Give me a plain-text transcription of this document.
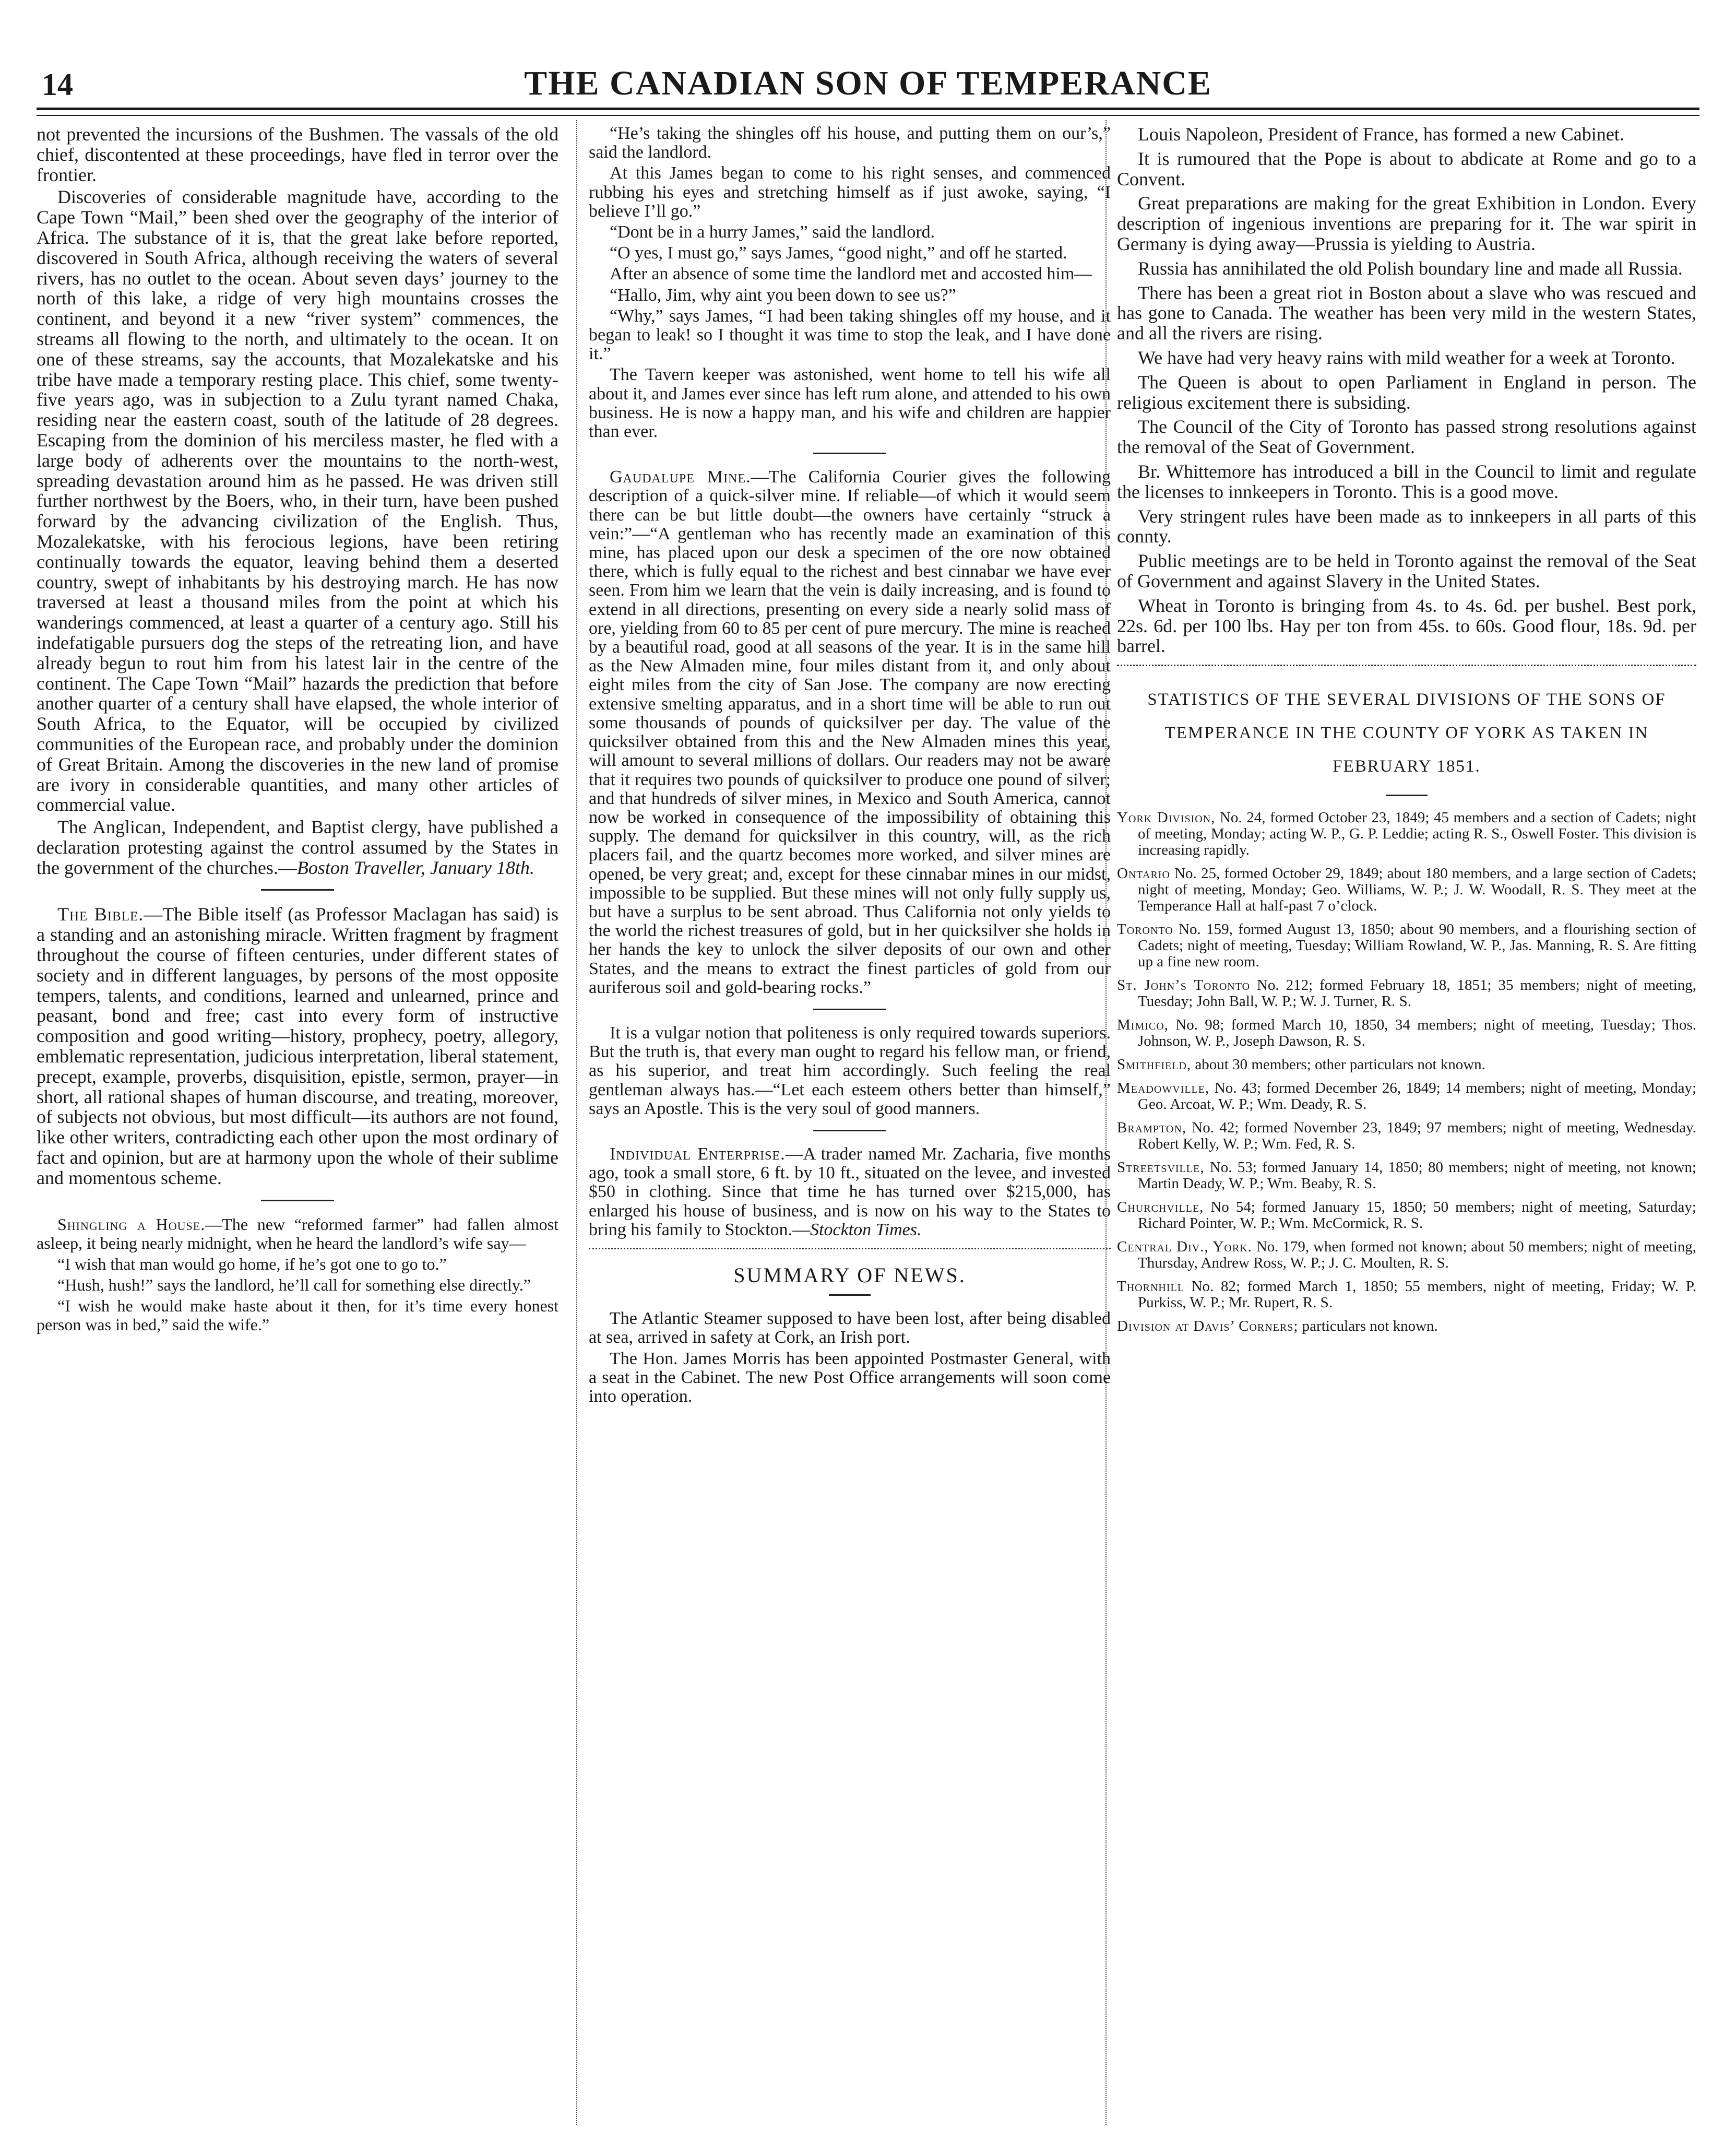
14	THE CANADIAN SON OF TEMPERANCE

not prevented the incursions of the Bushmen. The vassals of the old chief, discontented at these proceedings, have fled in terror over the frontier.

Discoveries of considerable magnitude have, according to the Cape Town “Mail,” been shed over the geography of the interior of Africa. The substance of it is, that the great lake before reported, discovered in South Africa, although receiving the waters of several rivers, has no outlet to the ocean. About seven days’ journey to the north of this lake, a ridge of very high mountains crosses the continent, and beyond it a new “river system” commences, the streams all flowing to the north, and ultimately to the ocean. It on one of these streams, say the accounts, that Mozalekatske and his tribe have made a temporary resting place. This chief, some twenty-five years ago, was in subjection to a Zulu tyrant named Chaka, residing near the eastern coast, south of the latitude of 28 degrees. Escaping from the dominion of his merciless master, he fled with a large body of adherents over the mountains to the north-west, spreading devastation around him as he passed. He was driven still further northwest by the Boers, who, in their turn, have been pushed forward by the advancing civilization of the English. Thus, Mozalekatske, with his ferocious legions, have been retiring continually towards the equator, leaving behind them a deserted country, swept of inhabitants by his destroying march. He has now traversed at least a thousand miles from the point at which his wanderings commenced, at least a quarter of a century ago. Still his indefatigable pursuers dog the steps of the retreating lion, and have already begun to rout him from his latest lair in the centre of the continent. The Cape Town “Mail” hazards the prediction that before another quarter of a century shall have elapsed, the whole interior of South Africa, to the Equator, will be occupied by civilized communities of the European race, and probably under the dominion of Great Britain. Among the discoveries in the new land of promise are ivory in considerable quantities, and many other articles of commercial value.

The Anglican, Independent, and Baptist clergy, have published a declaration protesting against the control assumed by the States in the government of the churches.—Boston Traveller, January 18th.

The Bible.—The Bible itself (as Professor Maclagan has said) is a standing and an astonishing miracle. Written fragment by fragment throughout the course of fifteen centuries, under different states of society and in different languages, by persons of the most opposite tempers, talents, and conditions, learned and unlearned, prince and peasant, bond and free; cast into every form of instructive composition and good writing—history, prophecy, poetry, allegory, emblematic representation, judicious interpretation, liberal statement, precept, example, proverbs, disquisition, epistle, sermon, prayer—in short, all rational shapes of human discourse, and treating, moreover, of subjects not obvious, but most difficult—its authors are not found, like other writers, contradicting each other upon the most ordinary of fact and opinion, but are at harmony upon the whole of their sublime and momentous scheme.

Shingling a House.—The new “reformed farmer” had fallen almost asleep, it being nearly midnight, when he heard the landlord’s wife say—

“I wish that man would go home, if he’s got one to go to.”

“Hush, hush!” says the landlord, he’ll call for something else directly.”

“I wish he would make haste about it then, for it’s time every honest person was in bed,” said the wife.”

“He’s taking the shingles off his house, and putting them on our’s,” said the landlord.

At this James began to come to his right senses, and commenced rubbing his eyes and stretching himself as if just awoke, saying, “I believe I’ll go.”

“Dont be in a hurry James,” said the landlord.

“O yes, I must go,” says James, “good night,” and off he started.

After an absence of some time the landlord met and accosted him—

“Hallo, Jim, why aint you been down to see us?”

“Why,” says James, “I had been taking shingles off my house, and it began to leak! so I thought it was time to stop the leak, and I have done it.”

The Tavern keeper was astonished, went home to tell his wife all about it, and James ever since has left rum alone, and attended to his own business. He is now a happy man, and his wife and children are happier than ever.

Gaudalupe Mine.—The California Courier gives the following description of a quick-silver mine. If reliable—of which it would seem there can be but little doubt—the owners have certainly “struck a vein:”—“A gentleman who has recently made an examination of this mine, has placed upon our desk a specimen of the ore now obtained there, which is fully equal to the richest and best cinnabar we have ever seen. From him we learn that the vein is daily increasing, and is found to extend in all directions, presenting on every side a nearly solid mass of ore, yielding from 60 to 85 per cent of pure mercury. The mine is reached by a beautiful road, good at all seasons of the year. It is in the same hill as the New Almaden mine, four miles distant from it, and only about eight miles from the city of San Jose. The company are now erecting extensive smelting apparatus, and in a short time will be able to run out some thousands of pounds of quicksilver per day. The value of the quicksilver obtained from this and the New Almaden mines this year, will amount to several millions of dollars. Our readers may not be aware that it requires two pounds of quicksilver to produce one pound of silver; and that hundreds of silver mines, in Mexico and South America, cannot now be worked in consequence of the impossibility of obtaining this supply. The demand for quicksilver in this country, will, as the rich placers fail, and the quartz becomes more worked, and silver mines are opened, be very great; and, except for these cinnabar mines in our midst, impossible to be supplied. But these mines will not only fully supply us, but have a surplus to be sent abroad. Thus California not only yields to the world the richest treasures of gold, but in her quicksilver she holds in her hands the key to unlock the silver deposits of our own and other States, and the means to extract the finest particles of gold from our auriferous soil and gold-bearing rocks.”

It is a vulgar notion that politeness is only required towards superiors. But the truth is, that every man ought to regard his fellow man, or friend, as his superior, and treat him accordingly. Such feeling the real gentleman always has.—“Let each esteem others better than himself,” says an Apostle. This is the very soul of good manners.

Individual Enterprise.—A trader named Mr. Zacharia, five months ago, took a small store, 6 ft. by 10 ft., situated on the levee, and invested $50 in clothing. Since that time he has turned over $215,000, has enlarged his house of business, and is now on his way to the States to bring his family to Stockton.—Stockton Times.

SUMMARY OF NEWS.

The Atlantic Steamer supposed to have been lost, after being disabled at sea, arrived in safety at Cork, an Irish port.

The Hon. James Morris has been appointed Postmaster General, with a seat in the Cabinet. The new Post Office arrangements will soon come into operation.

Louis Napoleon, President of France, has formed a new Cabinet.

It is rumoured that the Pope is about to abdicate at Rome and go to a Convent.

Great preparations are making for the great Exhibition in London. Every description of ingenious inventions are preparing for it. The war spirit in Germany is dying away—Prussia is yielding to Austria.

Russia has annihilated the old Polish boundary line and made all Russia.

There has been a great riot in Boston about a slave who was rescued and has gone to Canada. The weather has been very mild in the western States, and all the rivers are rising.

We have had very heavy rains with mild weather for a week at Toronto.

The Queen is about to open Parliament in England in person. The religious excitement there is subsiding.

The Council of the City of Toronto has passed strong resolutions against the removal of the Seat of Government.

Br. Whittemore has introduced a bill in the Council to limit and regulate the licenses to innkeepers in Toronto. This is a good move.

Very stringent rules have been made as to innkeepers in all parts of this connty.

Public meetings are to be held in Toronto against the removal of the Seat of Government and against Slavery in the United States.

Wheat in Toronto is bringing from 4s. to 4s. 6d. per bushel. Best pork, 22s. 6d. per 100 lbs. Hay per ton from 45s. to 60s. Good flour, 18s. 9d. per barrel.

STATISTICS OF THE SEVERAL DIVISIONS OF THE SONS OF TEMPERANCE IN THE COUNTY OF YORK AS TAKEN IN FEBRUARY 1851.

York Division, No. 24, formed October 23, 1849; 45 members and a section of Cadets; night of meeting, Monday; acting W. P., G. P. Leddie; acting R. S., Oswell Foster. This division is increasing rapidly.

Ontario No. 25, formed October 29, 1849; about 180 members, and a large section of Cadets; night of meeting, Monday; Geo. Williams, W. P.; J. W. Woodall, R. S. They meet at the Temperance Hall at half-past 7 o’clock.

Toronto No. 159, formed August 13, 1850; about 90 members, and a flourishing section of Cadets; night of meeting, Tuesday; William Rowland, W. P., Jas. Manning, R. S. Are fitting up a fine new room.

St. John’s Toronto No. 212; formed February 18, 1851; 35 members; night of meeting, Tuesday; John Ball, W. P.; W. J. Turner, R. S.

Mimico, No. 98; formed March 10, 1850, 34 members; night of meeting, Tuesday; Thos. Johnson, W. P., Joseph Dawson, R. S.

Smithfield, about 30 members; other particulars not known.

Meadowville, No. 43; formed December 26, 1849; 14 members; night of meeting, Monday; Geo. Arcoat, W. P.; Wm. Deady, R. S.

Brampton, No. 42; formed November 23, 1849; 97 members; night of meeting, Wednesday. Robert Kelly, W. P.; Wm. Fed, R. S.

Streetsville, No. 53; formed January 14, 1850; 80 members; night of meeting, not known; Martin Deady, W. P.; Wm. Beaby, R. S.

Churchville, No 54; formed January 15, 1850; 50 members; night of meeting, Saturday; Richard Pointer, W. P.; Wm. McCormick, R. S.

Central Div., York. No. 179, when formed not known; about 50 members; night of meeting, Thursday, Andrew Ross, W. P.; J. C. Moulten, R. S.

Thornhill No. 82; formed March 1, 1850; 55 members, night of meeting, Friday; W. P. Purkiss, W. P.; Mr. Rupert, R. S.

Division at Davis’ Corners; particulars not known.
